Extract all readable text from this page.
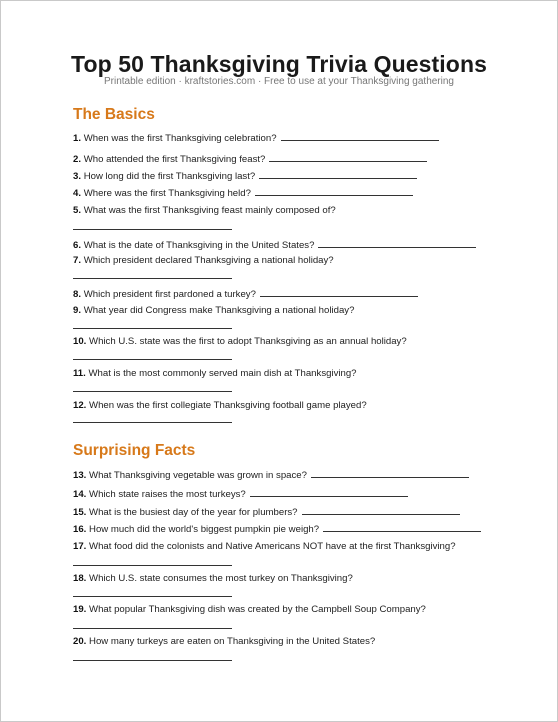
Top 50 Thanksgiving Trivia Questions
Printable edition · kraftstories.com · Free to use at your Thanksgiving gathering
The Basics
1. When was the first Thanksgiving celebration?
2. Who attended the first Thanksgiving feast?
3. How long did the first Thanksgiving last?
4. Where was the first Thanksgiving held?
5. What was the first Thanksgiving feast mainly composed of?
6. What is the date of Thanksgiving in the United States?
7. Which president declared Thanksgiving a national holiday?
8. Which president first pardoned a turkey?
9. What year did Congress make Thanksgiving a national holiday?
10. Which U.S. state was the first to adopt Thanksgiving as an annual holiday?
11. What is the most commonly served main dish at Thanksgiving?
12. When was the first collegiate Thanksgiving football game played?
Surprising Facts
13. What Thanksgiving vegetable was grown in space?
14. Which state raises the most turkeys?
15. What is the busiest day of the year for plumbers?
16. How much did the world's biggest pumpkin pie weigh?
17. What food did the colonists and Native Americans NOT have at the first Thanksgiving?
18. Which U.S. state consumes the most turkey on Thanksgiving?
19. What popular Thanksgiving dish was created by the Campbell Soup Company?
20. How many turkeys are eaten on Thanksgiving in the United States?
